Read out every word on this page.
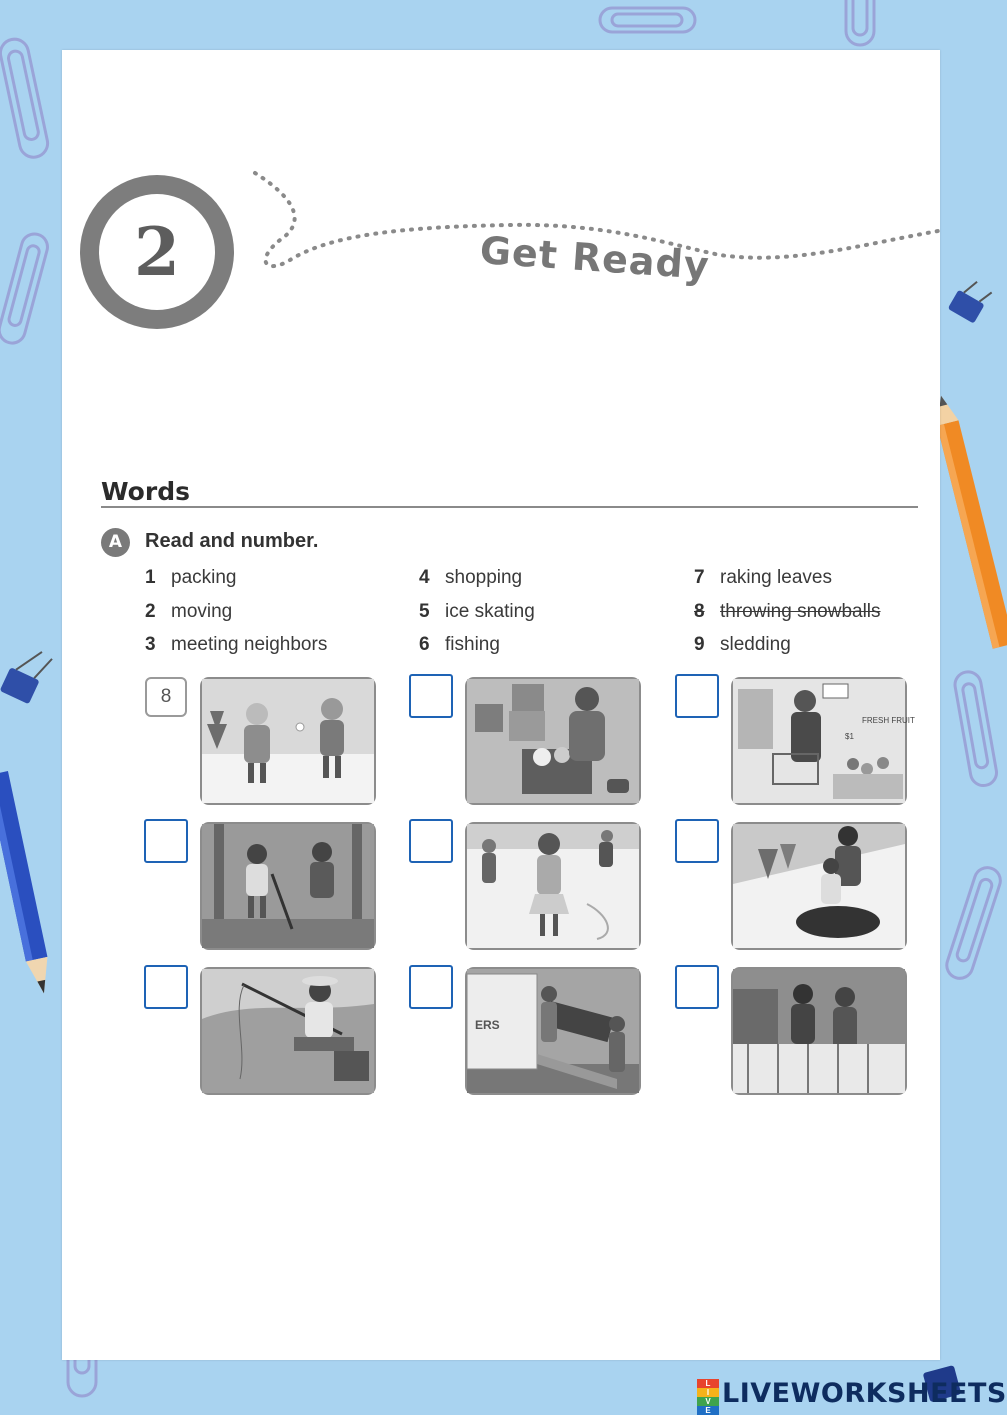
2	Get Ready
Words
A	Read and number.
1 packing
2 moving
3 meeting neighbors
4 shopping
5 ice skating
6 fishing
7 raking leaves
8 throwing snowballs
9 sledding
8
FRESH FRUIT
$1
ERS
L
I
V
E
LIVEWORKSHEETS
